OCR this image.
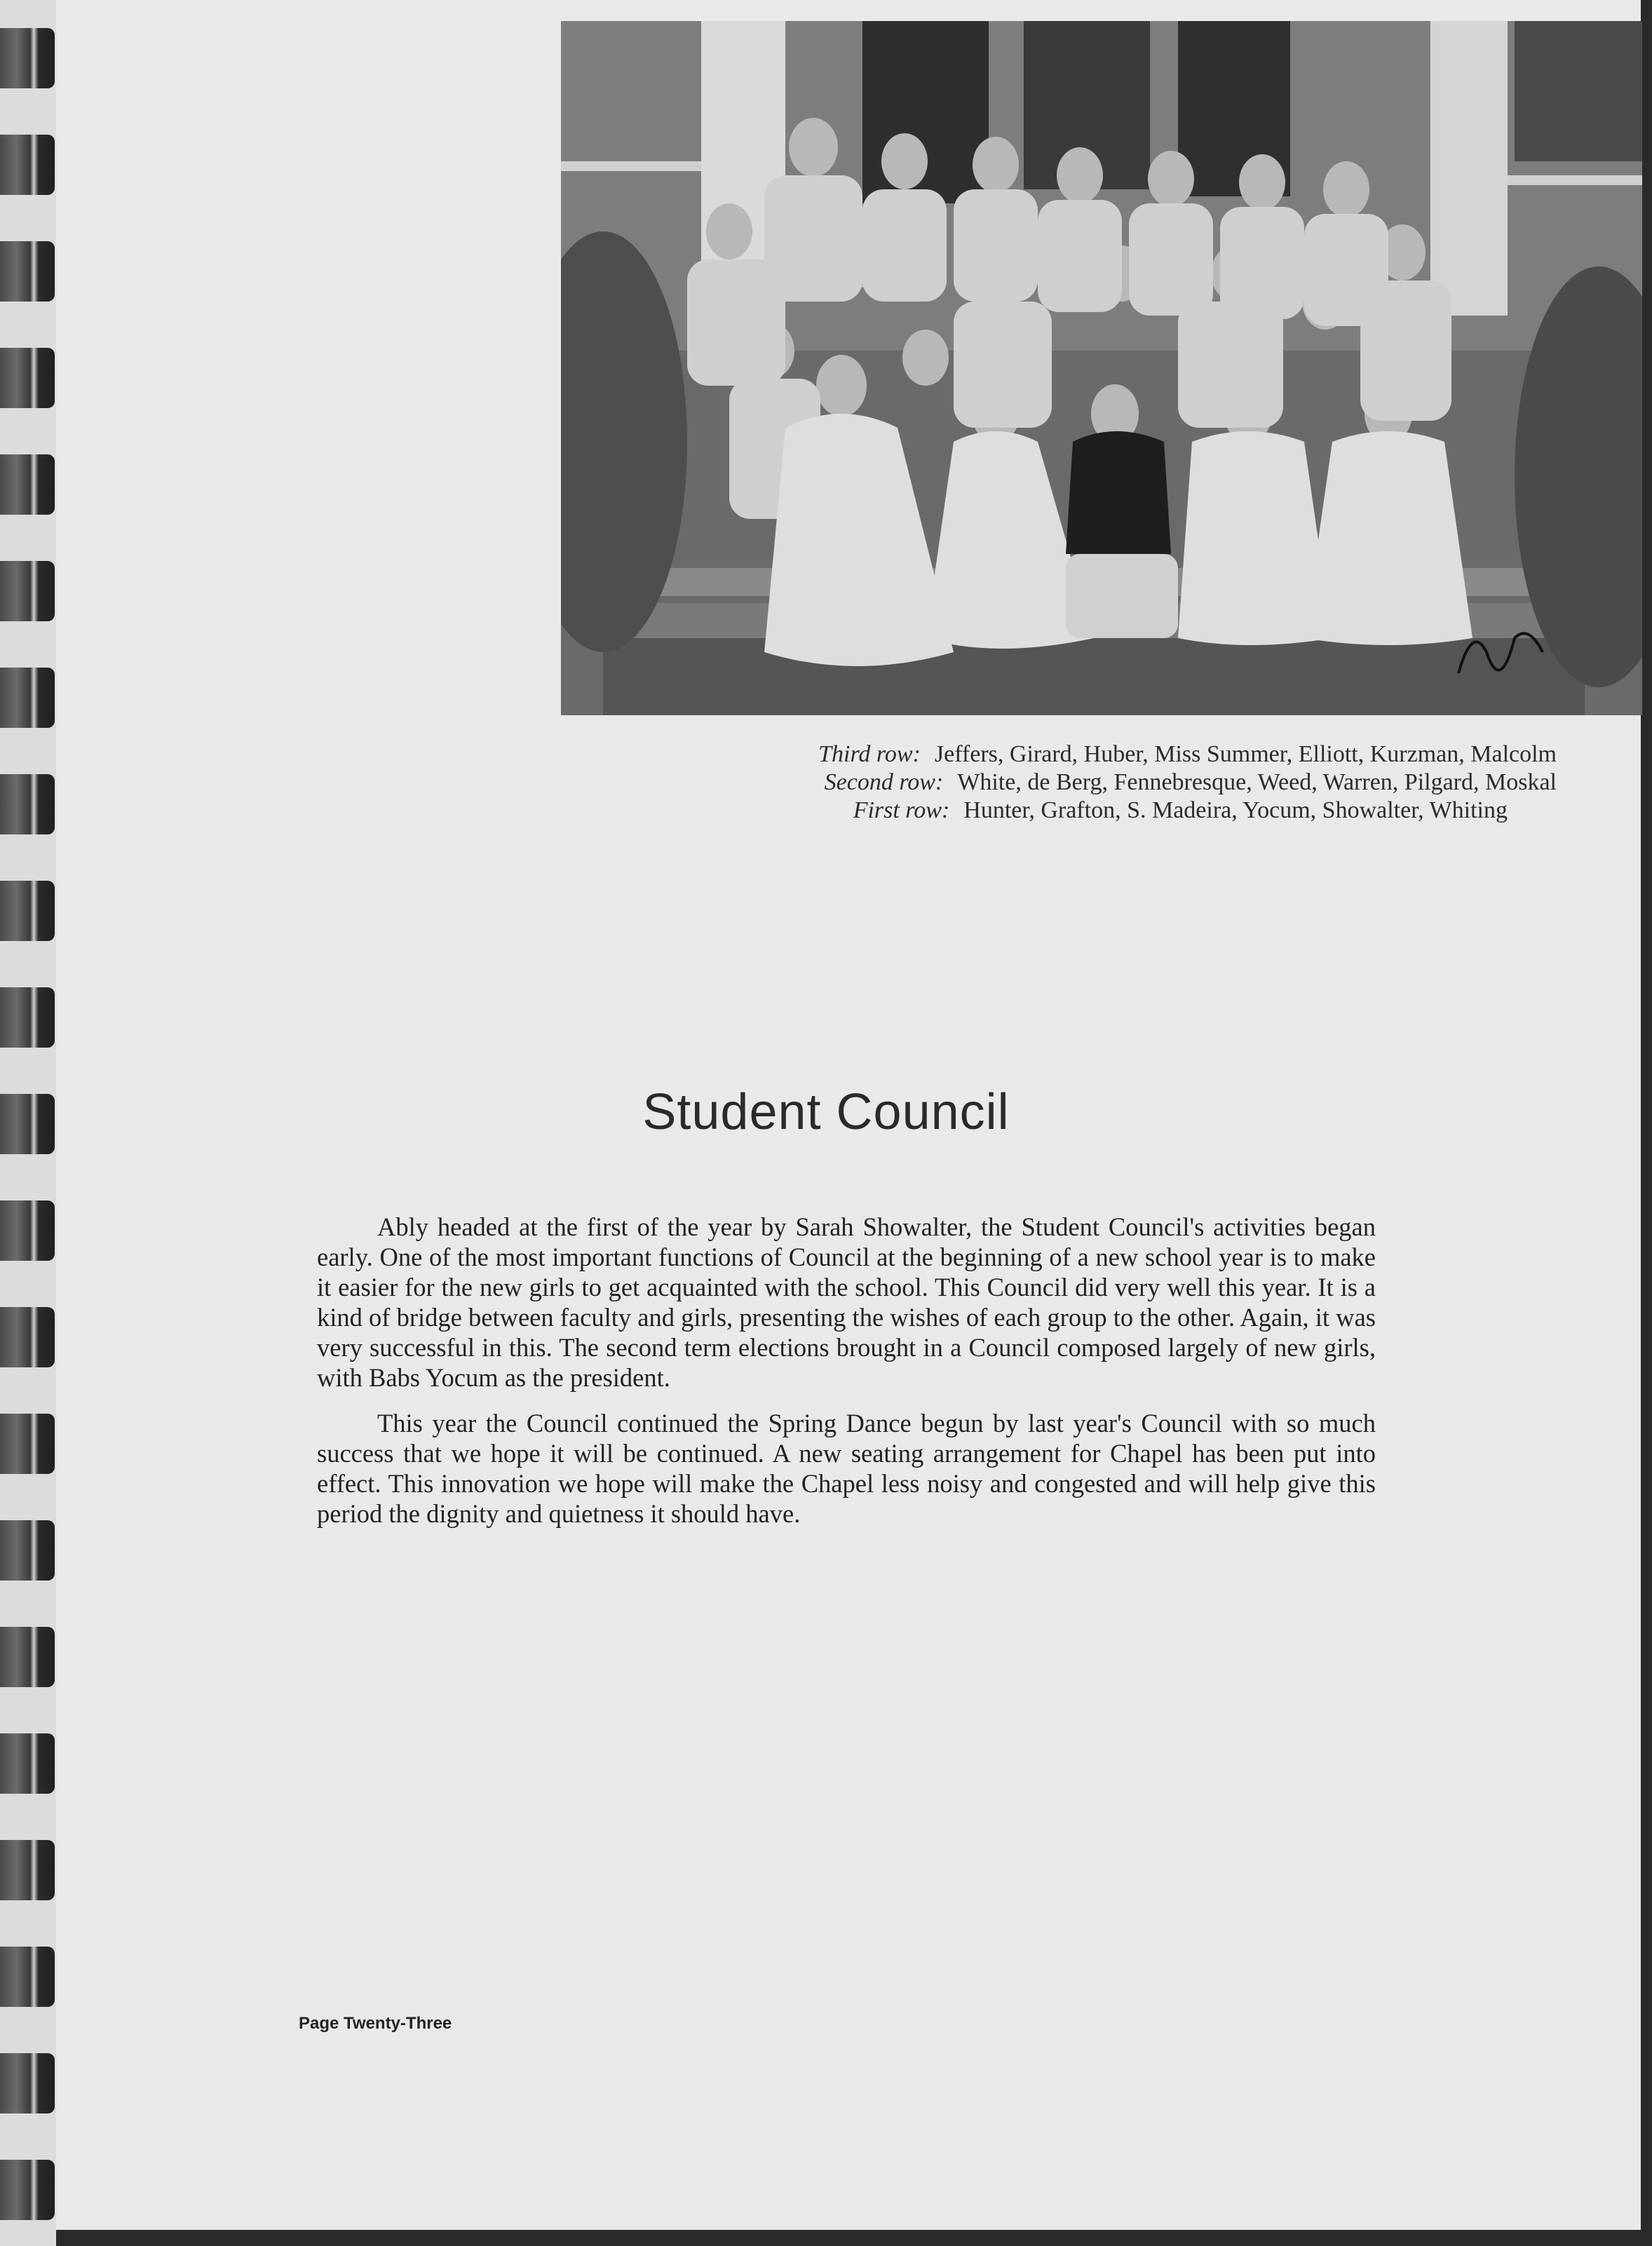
Third row: Jeffers, Girard, Huber, Miss Summer, Elliott, Kurzman, Malcolm
Second row: White, de Berg, Fennebresque, Weed, Warren, Pilgard, Moskal
First row: Hunter, Grafton, S. Madeira, Yocum, Showalter, Whiting
Student Council

Ably headed at the first of the year by Sarah Showalter, the Student Council's activities began early. One of the most important functions of Council at the beginning of a new school year is to make it easier for the new girls to get acquainted with the school. This Council did very well this year. It is a kind of bridge between faculty and girls, presenting the wishes of each group to the other. Again, it was very successful in this. The second term elections brought in a Council composed largely of new girls, with Babs Yocum as the president.

This year the Council continued the Spring Dance begun by last year's Council with so much success that we hope it will be continued. A new seating arrangement for Chapel has been put into effect. This innovation we hope will make the Chapel less noisy and congested and will help give this period the dignity and quietness it should have.

Page Twenty-Three
